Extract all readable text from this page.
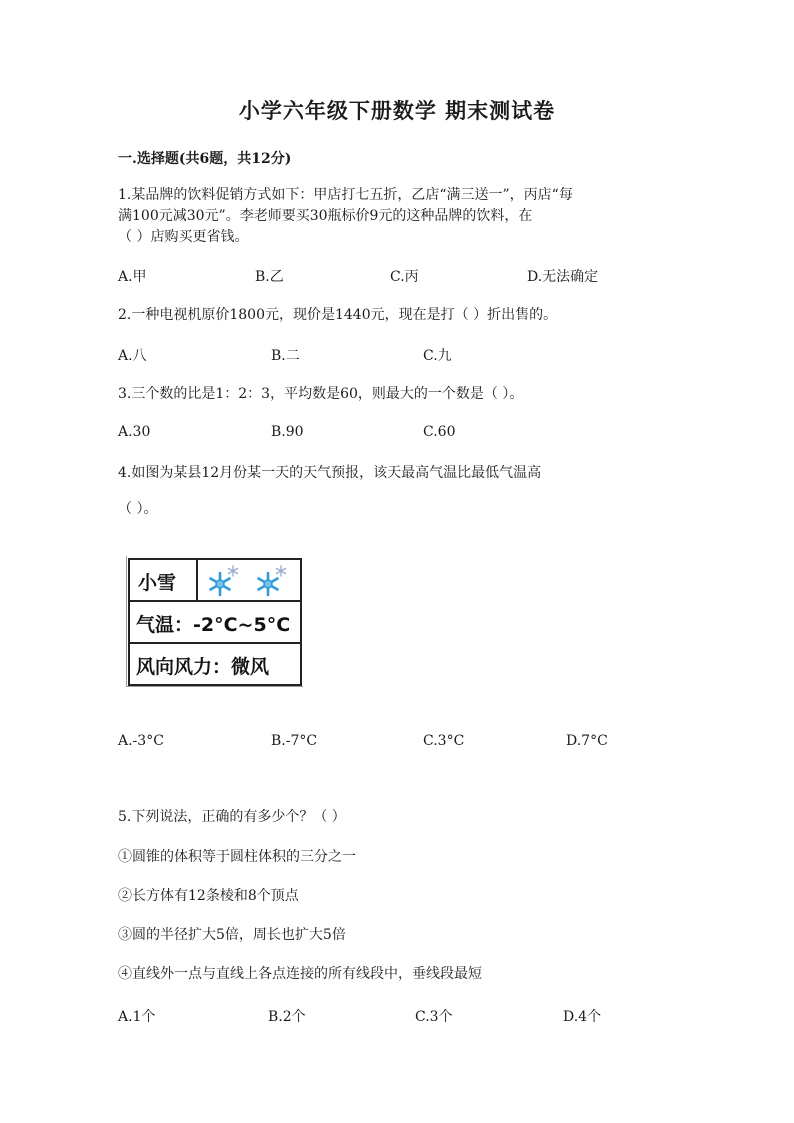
小学六年级下册数学 期末测试卷
一.选择题(共6题，共12分)
1.某品牌的饮料促销方式如下：甲店打七五折，乙店“满三送一”，丙店“每
满100元减30元”。李老师要买30瓶标价9元的这种品牌的饮料，在
（ ）店购买更省钱。
A.甲	B.乙	C.丙	D.无法确定
2.一种电视机原价1800元，现价是1440元，现在是打（ ）折出售的。
A.八	B.二	C.九
3.三个数的比是1：2：3，平均数是60，则最大的一个数是（ ）。
A.30	B.90	C.60
4.如图为某县12月份某一天的天气预报，该天最高气温比最低气温高
（ ）。
小雪
气温：-2°C~5°C
风向风力：微风
A.-3°C	B.-7°C	C.3°C	D.7°C
5.下列说法，正确的有多少个？（ ）
①圆锥的体积等于圆柱体积的三分之一
②长方体有12条棱和8个顶点
③圆的半径扩大5倍，周长也扩大5倍
④直线外一点与直线上各点连接的所有线段中，垂线段最短
A.1个	B.2个	C.3个	D.4个
